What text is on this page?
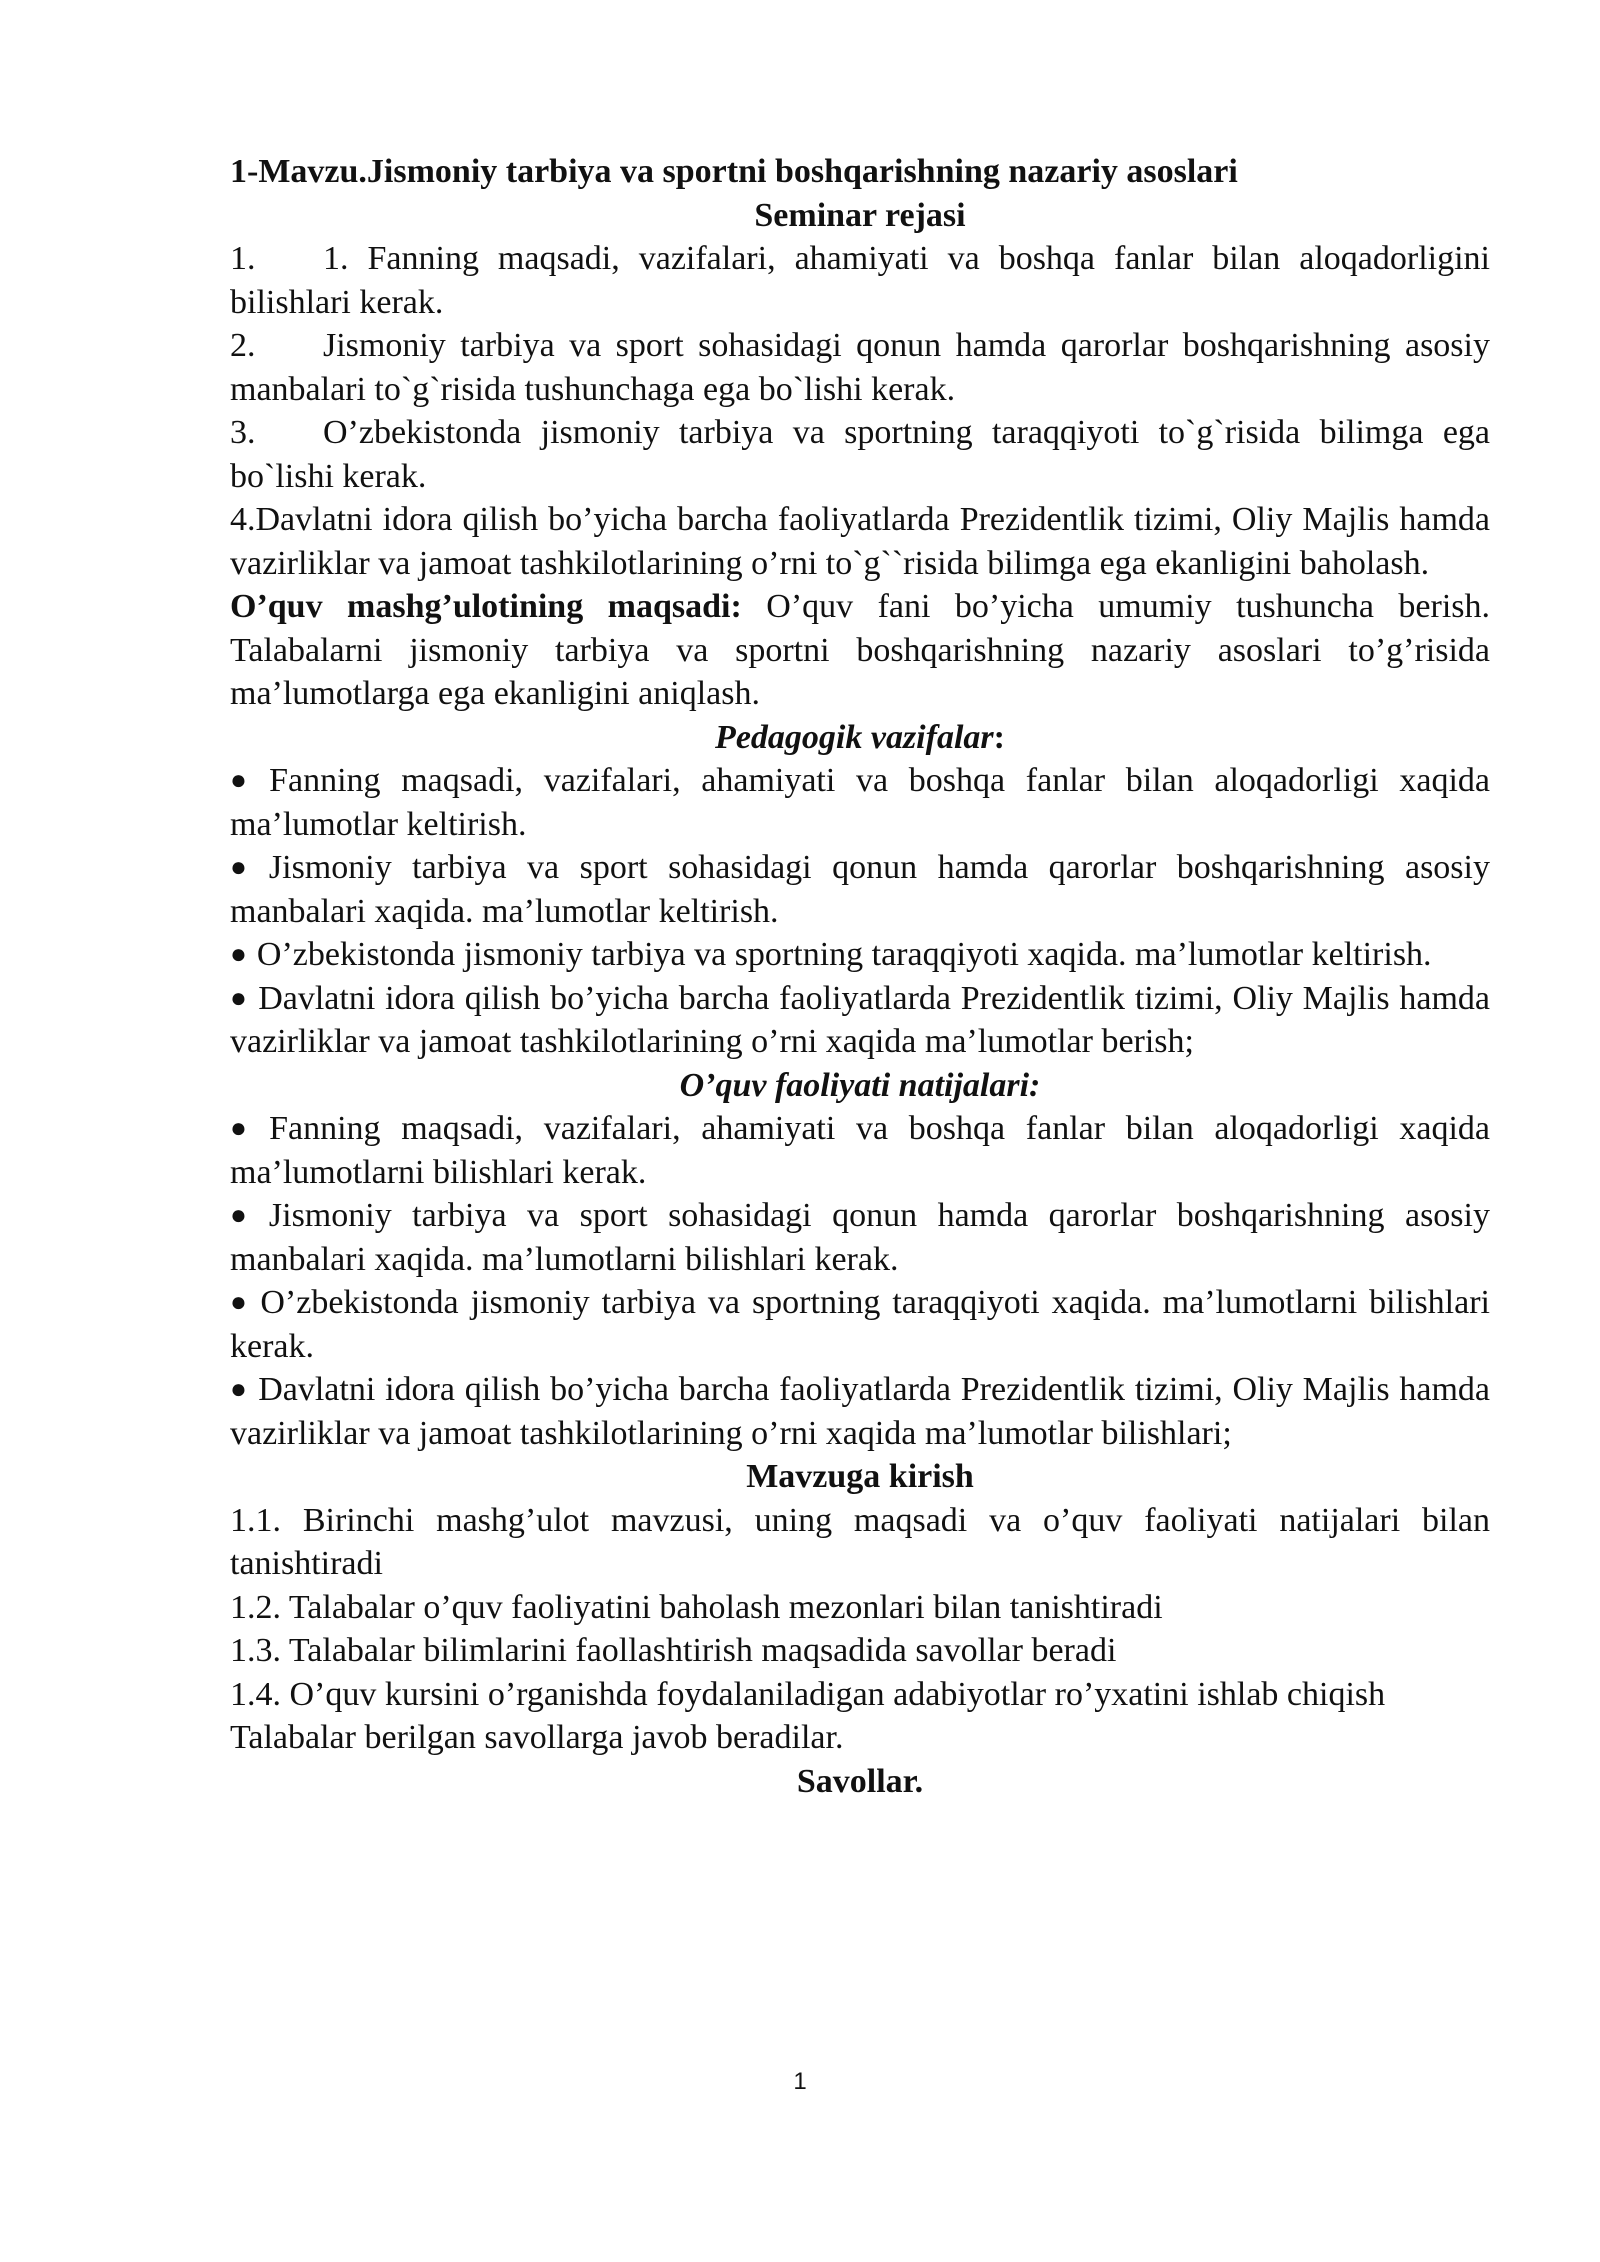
1-Mavzu.Jismoniy tarbiya va sportni boshqarishning nazariy asoslari

Seminar rejasi

1. 1. Fanning maqsadi, vazifalari, ahamiyati va boshqa fanlar bilan aloqadorligini bilishlari kerak.

2. Jismoniy tarbiya va sport sohasidagi qonun hamda qarorlar boshqarishning asosiy manbalari to`g`risida tushunchaga ega bo`lishi kerak.

3. O’zbekistonda jismoniy tarbiya va sportning taraqqiyoti to`g`risida bilimga ega bo`lishi kerak.

4.Davlatni idora qilish bo’yicha barcha faoliyatlarda Prezidentlik tizimi, Oliy Majlis hamda vazirliklar va jamoat tashkilotlarining o’rni to`g``risida bilimga ega ekanligini baholash.

O’quv mashg’ulotining maqsadi: O’quv fani bo’yicha umumiy tushuncha berish. Talabalarni jismoniy tarbiya va sportni boshqarishning nazariy asoslari to’g’risida ma’lumotlarga ega ekanligini aniqlash.

Pedagogik vazifalar:

● Fanning maqsadi, vazifalari, ahamiyati va boshqa fanlar bilan aloqadorligi xaqida ma’lumotlar keltirish.

● Jismoniy tarbiya va sport sohasidagi qonun hamda qarorlar boshqarishning asosiy manbalari xaqida. ma’lumotlar keltirish.

● O’zbekistonda jismoniy tarbiya va sportning taraqqiyoti xaqida. ma’lumotlar keltirish.

● Davlatni idora qilish bo’yicha barcha faoliyatlarda Prezidentlik tizimi, Oliy Majlis hamda vazirliklar va jamoat tashkilotlarining o’rni xaqida ma’lumotlar berish;

O’quv faoliyati natijalari:

● Fanning maqsadi, vazifalari, ahamiyati va boshqa fanlar bilan aloqadorligi xaqida ma’lumotlarni bilishlari kerak.

● Jismoniy tarbiya va sport sohasidagi qonun hamda qarorlar boshqarishning asosiy manbalari xaqida. ma’lumotlarni bilishlari kerak.

● O’zbekistonda jismoniy tarbiya va sportning taraqqiyoti xaqida. ma’lumotlarni bilishlari kerak.

● Davlatni idora qilish bo’yicha barcha faoliyatlarda Prezidentlik tizimi, Oliy Majlis hamda vazirliklar va jamoat tashkilotlarining o’rni xaqida ma’lumotlar bilishlari;

Mavzuga kirish

1.1. Birinchi mashg’ulot mavzusi, uning maqsadi va o’quv faoliyati natijalari bilan tanishtiradi

1.2. Talabalar o’quv faoliyatini baholash mezonlari bilan tanishtiradi

1.3. Talabalar bilimlarini faollashtirish maqsadida savollar beradi

1.4. O’quv kursini o’rganishda foydalaniladigan adabiyotlar ro’yxatini ishlab chiqish

Talabalar berilgan savollarga javob beradilar.

Savollar.

1
